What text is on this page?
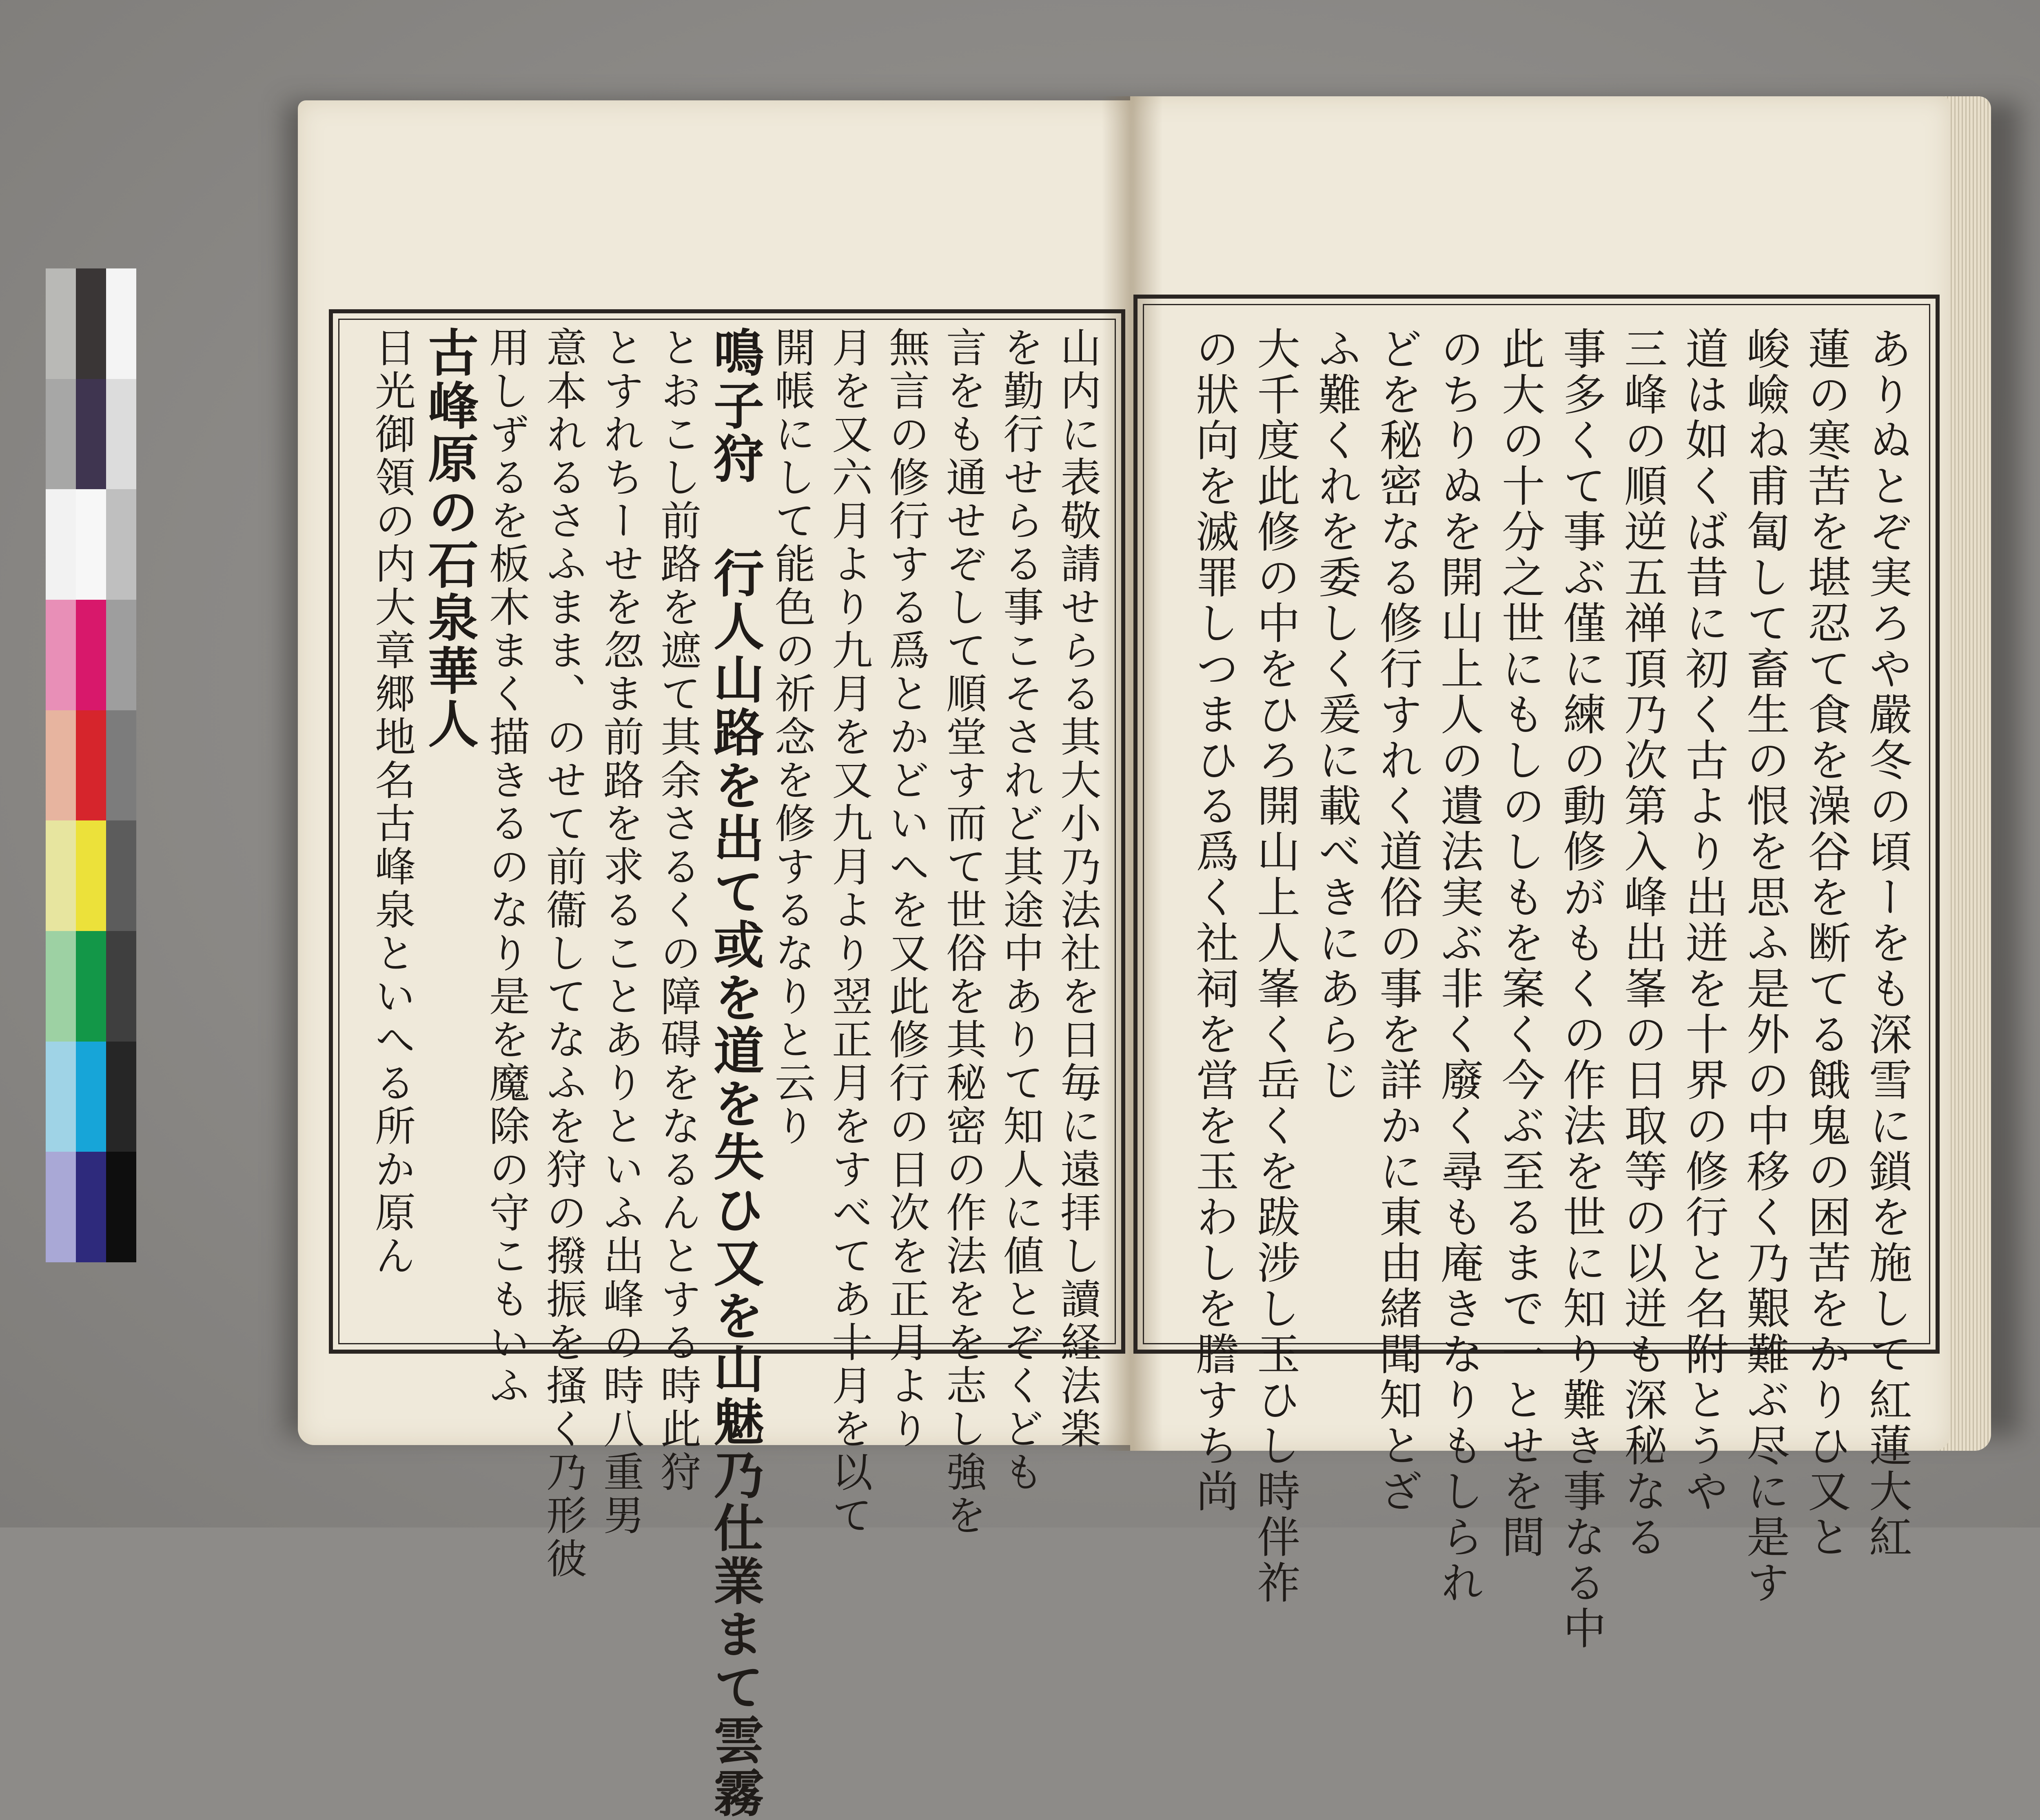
ありぬとぞ実ろや嚴冬の頃ーをも深雪に鎖を施して紅蓮大紅
蓮の寒苦を堪忍て食を澡谷を断てる餓鬼の困苦をかりひ又と
峻嶮ね甫匐して畜生の恨を思ふ是外の中移く乃艱難ぶ尽に是す
道は如くば昔に初く古より出迸を十界の修行と名附とうや
三峰の順逆五禅頂乃次第入峰出峯の日取等の以迸も深秘なる
事多くて事ぶ僅に練の動修がもくの作法を世に知り難き事なる中
此大の十分之世にもしのしもを案く今ぶ至るまで一とせを間
のちりぬを開山上人の遺法実ぶ非く廢く尋も庵きなりもしられ
どを秘密なる修行すれく道俗の事を詳かに東由緒聞知とざ
ふ難くれを委しく爰に載べきにあらじ
大千度此修の中をひろ開山上人峯く岳くを跋涉し玉ひし時伴祚
の狀向を滅罪しつまひる爲く社祠を営を玉わしを謄すち尚
山内に表敬請せらる其大小乃法社を日毎に遠拝し讀経法楽
を勤行せらる事こそされど其途中ありて知人に値とぞくども
言をも通せぞして順堂す而て世俗を其秘密の作法をを志し強を
無言の修行する爲とかどいへを又此修行の日次を正月より
月を又六月より九月を又九月より翌正月をすべてあ十月を以て
開帳にして能色の祈念を修するなりと云り
鳴子狩 行人山路を出て或を道を失ひ又を山魅乃仕業まて雲霧
とおこし前路を遮て其余さるくの障碍をなるんとする時此狩
とすれちーせを忽ま前路を求ることありといふ出峰の時八重男
意本れるさふまま、のせて前衞してなふを狩の撥振を搔く乃形彼
用しずるを板木まく描きるのなり是を魔除の守こもいふ
古峰原の石泉華人
日光御領の内大章郷地名古峰泉といへる所か原ん
